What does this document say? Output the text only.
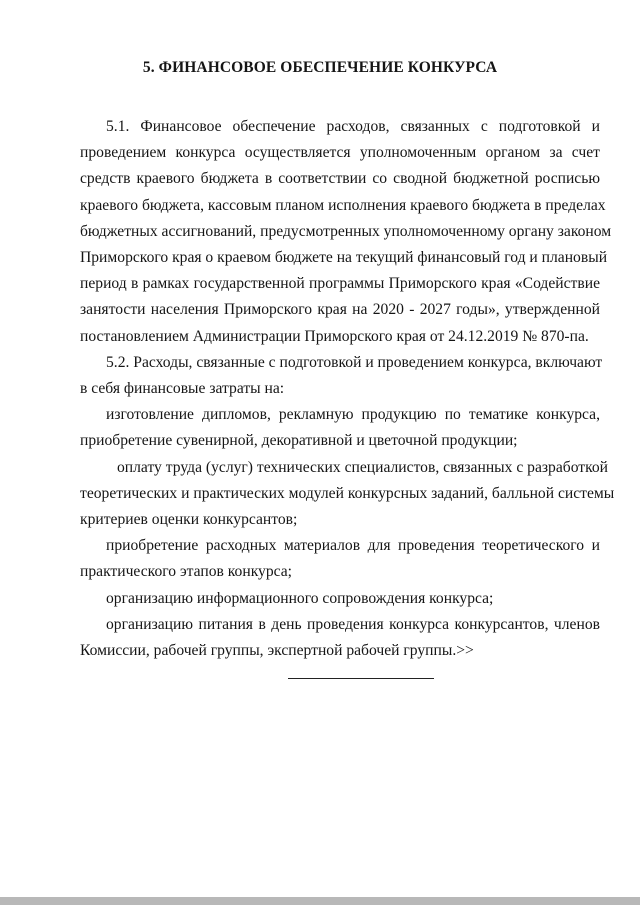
5. ФИНАНСОВОЕ ОБЕСПЕЧЕНИЕ КОНКУРСА

5.1. Финансовое обеспечение расходов, связанных с подготовкой и
проведением конкурса осуществляется уполномоченным органом за счет
средств краевого бюджета в соответствии со сводной бюджетной росписью
краевого бюджета, кассовым планом исполнения краевого бюджета в пределах
бюджетных ассигнований, предусмотренных уполномоченному органу законом
Приморского края о краевом бюджете на текущий финансовый год и плановый
период в рамках государственной программы Приморского края «Содействие
занятости населения Приморского края на 2020 - 2027 годы», утвержденной
постановлением Администрации Приморского края от 24.12.2019 № 870-па.

5.2. Расходы, связанные с подготовкой и проведением конкурса, включают
в себя финансовые затраты на:

изготовление дипломов, рекламную продукцию по тематике конкурса,
приобретение сувенирной, декоративной и цветочной продукции;

оплату труда (услуг) технических специалистов, связанных с разработкой
теоретических и практических модулей конкурсных заданий, балльной системы
критериев оценки конкурсантов;

приобретение расходных материалов для проведения теоретического и
практического этапов конкурса;

организацию информационного сопровождения конкурса;

организацию питания в день проведения конкурса конкурсантов, членов
Комиссии, рабочей группы, экспертной рабочей группы.>>
